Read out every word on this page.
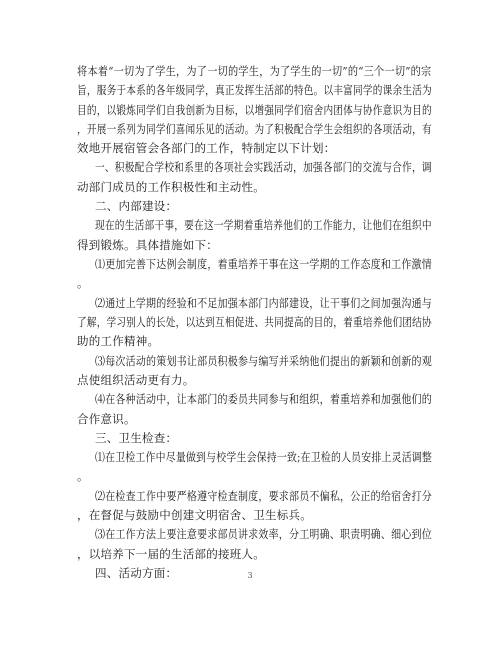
将本着“一切为了学生，为了一切的学生，为了学生的一切”的“三个一切”的宗
旨，服务于本系的各年级同学，真正发挥生活部的特色。以丰富同学的课余生活为
目的，以锻炼同学们自我创新为目标，以增强同学们宿舍内团体与协作意识为目的
，开展一系列为同学们喜闻乐见的活动。为了积极配合学生会组织的各项活动，有
效地开展宿管会各部门的工作，特制定以下计划：
一、积极配合学校和系里的各项社会实践活动，加强各部门的交流与合作，调
动部门成员的工作积极性和主动性。
二、内部建设：
现在的生活部干事，要在这一学期着重培养他们的工作能力，让他们在组织中
得到锻炼。具体措施如下：
⑴更加完善下达例会制度，着重培养干事在这一学期的工作态度和工作激情
。
⑵通过上学期的经验和不足加强本部门内部建设，让干事们之间加强沟通与
了解，学习别人的长处，以达到互相促进、共同提高的目的，着重培养他们团结协
助的工作精神。
⑶每次活动的策划书让部员积极参与编写并采纳他们提出的新颖和创新的观
点使组织活动更有力。
⑷在各种活动中，让本部门的委员共同参与和组织，着重培养和加强他们的
合作意识。
三、卫生检查：
⑴在卫检工作中尽量做到与校学生会保持一致;在卫检的人员安排上灵活调整
。
⑵在检查工作中要严格遵守检查制度，要求部员不偏私，公正的给宿舍打分
，在督促与鼓励中创建文明宿舍、卫生标兵。
⑶在工作方法上要注意要求部员讲求效率，分工明确、职责明确、细心到位
，以培养下一届的生活部的接班人。
四、活动方面：	3
